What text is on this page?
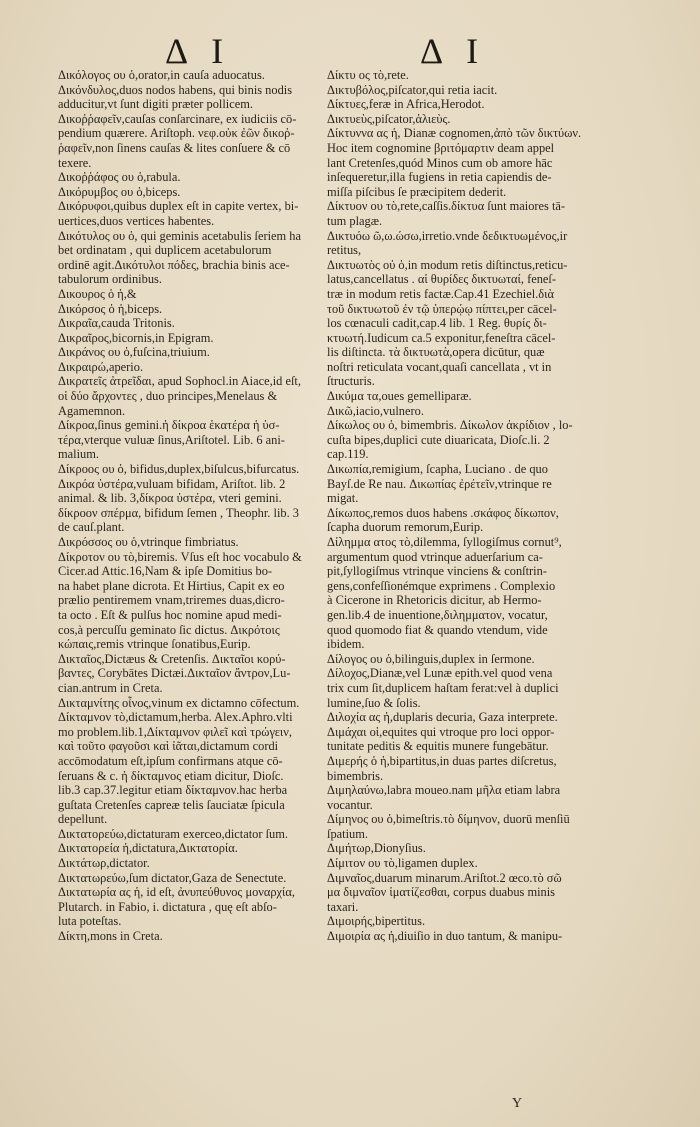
Δ Ι	Δ Ι
Δικόλογος ου ὁ,orator,in cauſa aduocatus.
Δικόνδυλος,duos nodos habens, qui binis nodis
adducitur,vt ſunt digiti præter pollicem.
Δικοῤῥαφεῖν,cauſas conſarcinare, ex iudiciis cō-
pendium quærere. Ariſtoph. νεφ.οὐκ ἐῶν δικοῤ-
ῥαφεῖν,non ſinens cauſas & lites conſuere & cō
texere.
Δικοῤῥάφος ου ὁ,rabula.
Δικόρυμβος ου ὁ,biceps.
Δικόρυφοι,quibus duplex eſt in capite vertex, bi-
uertices,duos vertices habentes.
Δικότυλος ου ὁ, qui geminis acetabulis ſeriem ha
bet ordinatam , qui duplicem acetabulorum
ordinē agit.Δικότυλοι πόδες, brachia binis ace-
tabulorum ordinibus.
Δικουρος ὁ ἡ,&
Δικόρσος ὁ ἡ,biceps.
Δικραῖα,cauda Tritonis.
Δικραῖρος,bicornis,in Epigram.
Δικράνος ου ὁ,fuſcina,triuium.
Δικραιρώ,aperio.
Δικρατεῖς ἀτρεῖδαι, apud Sophocl.in Aiace,id eſt,
οἱ δύο ἄρχοντες , duo principes,Menelaus &
Agamemnon.
Δίκροα,ſinus gemini.ἡ δίκροα ἑκατέρα ἡ ὑσ-
τέρα,vterque vuluæ ſinus,Ariſtotel. Lib. 6 ani-
malium.
Δίκροος ου ὁ, bifidus,duplex,biſulcus,bifurcatus.
Δικρόα ὑστέρα,vuluam bifidam, Ariſtot. lib. 2
animal. & lib. 3,δίκροα ὑστέρα, vteri gemini.
δίκροον σπέρμα, bifidum ſemen , Theophr. lib. 3
de cauſ.plant.
Δικρόσσος ου ὁ,vtrinque fimbriatus.
Δίκροτον ου τὸ,biremis. Vſus eſt hoc vocabulo &
Cicer.ad Attic.16,Nam & ipſe Domitius bo-
na habet plane dicrota. Et Hirtius, Capit ex eo
prælio pentiremem vnam,triremes duas,dicro-
ta octo . Eſt & pulſus hoc nomine apud medi-
cos,à percuſſu geminato ſic dictus. Δικρότοις
κώπαις,remis vtrinque ſonatibus,Eurip.
Δικταῖος,Dictæus & Cretenſis. Δικταῖοι κορύ-
βαντες, Corybātes Dictæi.Δικταῖον ἄντρον,Lu-
cian.antrum in Creta.
Δικταμνίτης οἶνος,vinum ex dictamno cōfectum.
Δίκταμνον τὸ,dictamum,herba. Alex.Aphro.vlti
mo problem.lib.1,Δίκταμνον φιλεῖ καὶ τρώγειν,
καὶ τοῦτο φαγοῦσι καὶ ἰᾶται,dictamum cordi
accōmodatum eſt,ipſum confirmans atque cō-
ſeruans & c. ἡ δίκταμνος etiam dicitur, Dioſc.
lib.3 cap.37.legitur etiam δίκταμνον.hac herba
guſtata Cretenſes capreæ telis ſauciatæ ſpicula
depellunt.
Δικτατορεύω,dictaturam exerceo,dictator ſum.
Δικτατορεία ἡ,dictatura,Δικτατορία.
Δικτάτωρ,dictator.
Δικτατωρεύω,ſum dictator,Gaza de Senectute.
Δικτατωρία ας ἡ, id eſt, ἀνυπεύθυνος μοναρχία,
Plutarch. in Fabio, i. dictatura , quę eſt abſo-
luta poteſtas.
Δίκτη,mons in Creta.
Δίκτυ ος τὸ,rete.
Δικτυβόλος,piſcator,qui retia iacit.
Δίκτυες,feræ in Africa,Herodot.
Δικτυεὺς,piſcator,ἁλιεὺς.
Δίκτυννα ας ἡ, Dianæ cognomen,ἀπὸ τῶν δικτύων.
Hoc item cognomine βριτόμαρτιν deam appel
lant Cretenſes,quód Minos cum ob amore hāc
inſequeretur,illa fugiens in retia capiendis de-
miſſa piſcibus ſe præcipitem dederit.
Δίκτυον ου τὸ,rete,caſſis.δίκτυα ſunt maiores tā-
tum plagæ.
Δικτυόω ῶ,ω.ώσω,irretio.vnde δεδικτυωμένος,ir
retitus,
Δικτυωτὸς οὐ ὁ,in modum retis diſtinctus,reticu-
latus,cancellatus . αἱ θυρίδες δικτυωταί, feneſ-
træ in modum retis factæ.Cap.41 Ezechiel.διὰ
τοῦ δικτυωτοῦ ἐν τῷ ὑπερῴῳ πίπτει,per cācel-
los cœnaculi cadit,cap.4 lib. 1 Reg. θυρίς δι-
κτυωτή.Iudicum ca.5 exponitur,feneſtra cācel-
lis diſtincta. τὰ δικτυωτὰ,opera dicūtur, quæ
noſtri reticulata vocant,quaſi cancellata , vt in
ſtructuris.
Δικύμα τα,oues gemelliparæ.
Δικῶ,iacio,vulnero.
Δίκωλος ου ὁ, bimembris. Δίκωλον ἀκρίδιον , lo-
cuſta bipes,duplici cute diuaricata, Dioſc.li. 2
cap.119.
Δικωπία,remigium, ſcapha, Luciano . de quo
Bayſ.de Re nau. Δικωπίας ἐρέτεῖν,vtrinque re
migat.
Δίκωπος,remos duos habens .σκάφος δίκωπον,
ſcapha duorum remorum,Eurip.
Δίλημμα ατος τὸ,dilemma, ſyllogiſmus cornut⁹,
argumentum quod vtrinque aduerſarium ca-
pit,ſyllogiſmus vtrinque vinciens & conſtrin-
gens,confeſſionémque exprimens . Complexio
à Cicerone in Rhetoricis dicitur, ab Hermo-
gen.lib.4 de inuentione,διλημματον, vocatur,
quod quomodo fiat & quando vtendum, vide
ibidem.
Δίλογος ου ὁ,bilinguis,duplex in ſermone.
Δίλοχος,Dianæ,vel Lunæ epith.vel quod vena
trix cum ſit,duplicem haſtam ferat:vel à duplici
lumine,ſuo & ſolis.
Διλοχία ας ἡ,duplaris decuria, Gaza interprete.
Διμάχαι οἱ,equites qui vtroque pro loci oppor-
tunitate peditis & equitis munere fungebātur.
Διμερής ὁ ἡ,bipartitus,in duas partes diſcretus,
bimembris.
Διμηλαύνω,labra moueo.nam μῆλα etiam labra
vocantur.
Δίμηνος ου ὁ,bimeſtris.τὸ δίμηνον, duorū menſiū
ſpatium.
Διμήτωρ,Dionyſius.
Δίμιτον ου τὸ,ligamen duplex.
Διμναῖος,duarum minarum.Ariſtot.2 œco.τὸ σῶ
μα διμναῖον ἱματίζεσθαι, corpus duabus minis
taxari.
Διμοιρής,bipertitus.
Διμοιρία ας ἡ,diuiſio in duo tantum, & manipu-
Y
